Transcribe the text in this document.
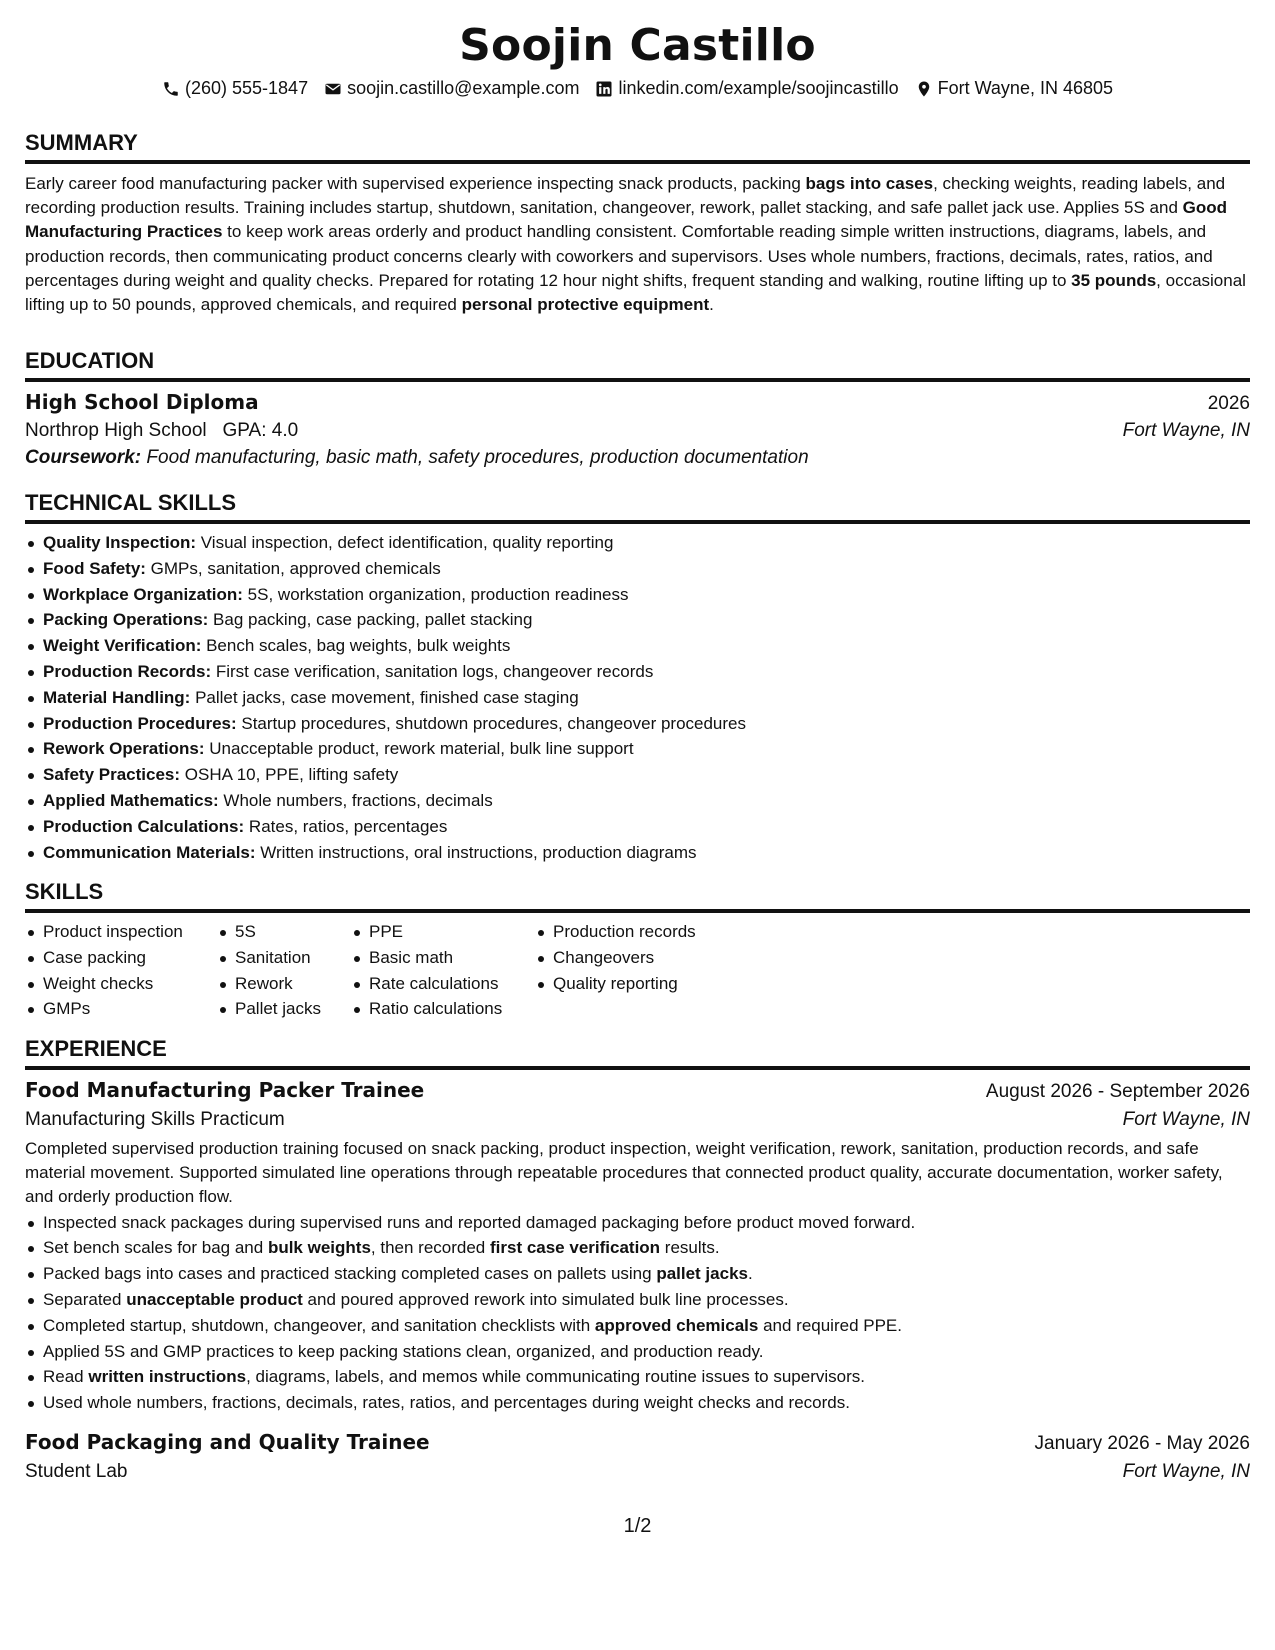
Soojin Castillo
(260) 555-1847 soojin.castillo@example.com linkedin.com/example/soojincastillo Fort Wayne, IN 46805
SUMMARY
Early career food manufacturing packer with supervised experience inspecting snack products, packing bags into cases, checking weights, reading labels, and recording production results. Training includes startup, shutdown, sanitation, changeover, rework, pallet stacking, and safe pallet jack use. Applies 5S and Good Manufacturing Practices to keep work areas orderly and product handling consistent. Comfortable reading simple written instructions, diagrams, labels, and production records, then communicating product concerns clearly with coworkers and supervisors. Uses whole numbers, fractions, decimals, rates, ratios, and percentages during weight and quality checks. Prepared for rotating 12 hour night shifts, frequent standing and walking, routine lifting up to 35 pounds, occasional lifting up to 50 pounds, approved chemicals, and required personal protective equipment.
EDUCATION
High School Diploma	2026
Northrop High School GPA: 4.0	Fort Wayne, IN
Coursework: Food manufacturing, basic math, safety procedures, production documentation
TECHNICAL SKILLS
Quality Inspection: Visual inspection, defect identification, quality reporting
Food Safety: GMPs, sanitation, approved chemicals
Workplace Organization: 5S, workstation organization, production readiness
Packing Operations: Bag packing, case packing, pallet stacking
Weight Verification: Bench scales, bag weights, bulk weights
Production Records: First case verification, sanitation logs, changeover records
Material Handling: Pallet jacks, case movement, finished case staging
Production Procedures: Startup procedures, shutdown procedures, changeover procedures
Rework Operations: Unacceptable product, rework material, bulk line support
Safety Practices: OSHA 10, PPE, lifting safety
Applied Mathematics: Whole numbers, fractions, decimals
Production Calculations: Rates, ratios, percentages
Communication Materials: Written instructions, oral instructions, production diagrams
SKILLS
Product inspection
Case packing
Weight checks
GMPs
5S
Sanitation
Rework
Pallet jacks
PPE
Basic math
Rate calculations
Ratio calculations
Production records
Changeovers
Quality reporting
EXPERIENCE
Food Manufacturing Packer Trainee	August 2026 - September 2026
Manufacturing Skills Practicum	Fort Wayne, IN
Completed supervised production training focused on snack packing, product inspection, weight verification, rework, sanitation, production records, and safe material movement. Supported simulated line operations through repeatable procedures that connected product quality, accurate documentation, worker safety, and orderly production flow.
Inspected snack packages during supervised runs and reported damaged packaging before product moved forward.
Set bench scales for bag and bulk weights, then recorded first case verification results.
Packed bags into cases and practiced stacking completed cases on pallets using pallet jacks.
Separated unacceptable product and poured approved rework into simulated bulk line processes.
Completed startup, shutdown, changeover, and sanitation checklists with approved chemicals and required PPE.
Applied 5S and GMP practices to keep packing stations clean, organized, and production ready.
Read written instructions, diagrams, labels, and memos while communicating routine issues to supervisors.
Used whole numbers, fractions, decimals, rates, ratios, and percentages during weight checks and records.
Food Packaging and Quality Trainee	January 2026 - May 2026
Student Lab	Fort Wayne, IN
1/2
